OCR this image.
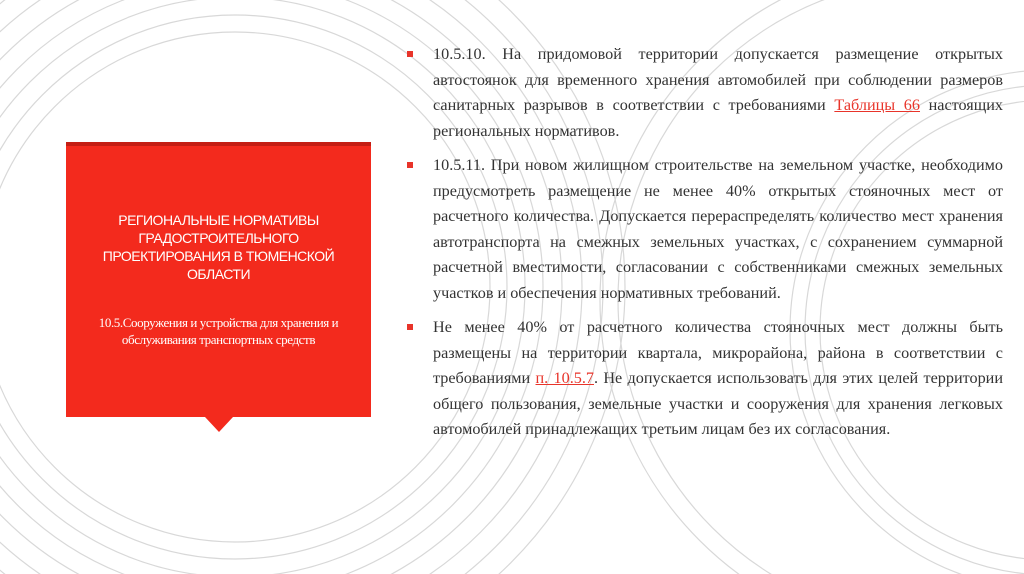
РЕГИОНАЛЬНЫЕ НОРМАТИВЫ ГРАДОСТРОИТЕЛЬНОГО ПРОЕКТИРОВАНИЯ В ТЮМЕНСКОЙ ОБЛАСТИ
10.5.Сооружения и устройства для хранения и обслуживания транспортных средств
10.5.10. На придомовой территории допускается размещение открытых автостоянок для временного хранения автомобилей при соблюдении размеров санитарных разрывов в соответствии с требованиями Таблицы 66 настоящих региональных нормативов.
10.5.11. При новом жилищном строительстве на земельном участке, необходимо предусмотреть размещение не менее 40% открытых стояночных мест от расчетного количества. Допускается перераспределять количество мест хранения автотранспорта на смежных земельных участках, с сохранением суммарной расчетной вместимости, согласовании с собственниками смежных земельных участков и обеспечения нормативных требований.
Не менее 40% от расчетного количества стояночных мест должны быть размещены на территории квартала, микрорайона, района в соответствии с требованиями п. 10.5.7. Не допускается использовать для этих целей территории общего пользования, земельные участки и сооружения для хранения легковых автомобилей принадлежащих третьим лицам без их согласования.
